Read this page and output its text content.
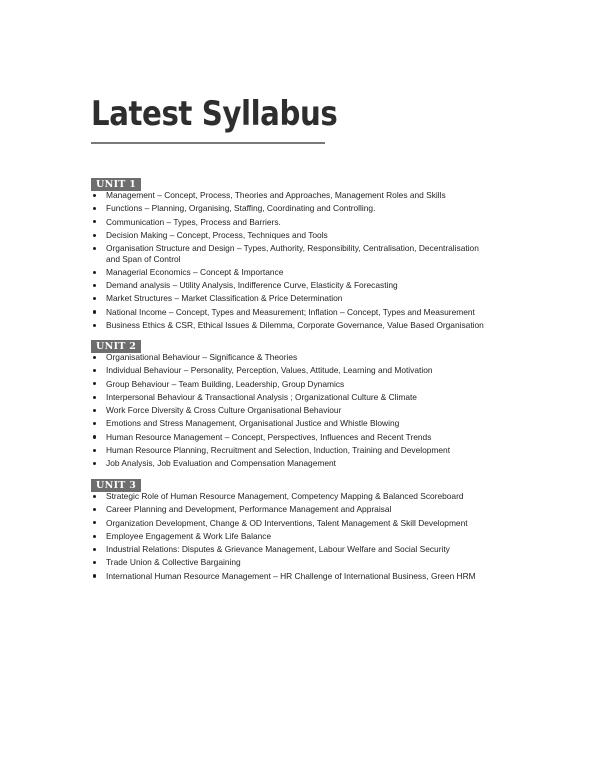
Latest Syllabus
UNIT 1
Management – Concept, Process, Theories and Approaches, Management Roles and Skills
Functions – Planning, Organising, Staffing, Coordinating and Controlling.
Communication – Types, Process and Barriers.
Decision Making – Concept, Process, Techniques and Tools
Organisation Structure and Design – Types, Authority, Responsibility, Centralisation, Decentralisation and Span of Control
Managerial Economics – Concept & Importance
Demand analysis – Utility Analysis, Indifference Curve, Elasticity & Forecasting
Market Structures – Market Classification & Price Determination
National Income – Concept, Types and Measurement; Inflation – Concept, Types and Measurement
Business Ethics & CSR, Ethical Issues & Dilemma, Corporate Governance, Value Based Organisation
UNIT 2
Organisational Behaviour – Significance & Theories
Individual Behaviour – Personality, Perception, Values, Attitude, Learning and Motivation
Group Behaviour – Team Building, Leadership, Group Dynamics
Interpersonal Behaviour & Transactional Analysis ; Organizational Culture & Climate
Work Force Diversity & Cross Culture Organisational Behaviour
Emotions and Stress Management, Organisational Justice and Whistle Blowing
Human Resource Management – Concept, Perspectives, Influences and Recent Trends
Human Resource Planning, Recruitment and Selection, Induction, Training and Development
Job Analysis, Job Evaluation and Compensation Management
UNIT 3
Strategic Role of Human Resource Management, Competency Mapping & Balanced Scoreboard
Career Planning and Development, Performance Management and Appraisal
Organization Development, Change & OD Interventions, Talent Management & Skill Development
Employee Engagement & Work Life Balance
Industrial Relations: Disputes & Grievance Management, Labour Welfare and Social Security
Trade Union & Collective Bargaining
International Human Resource Management – HR Challenge of International Business, Green HRM
